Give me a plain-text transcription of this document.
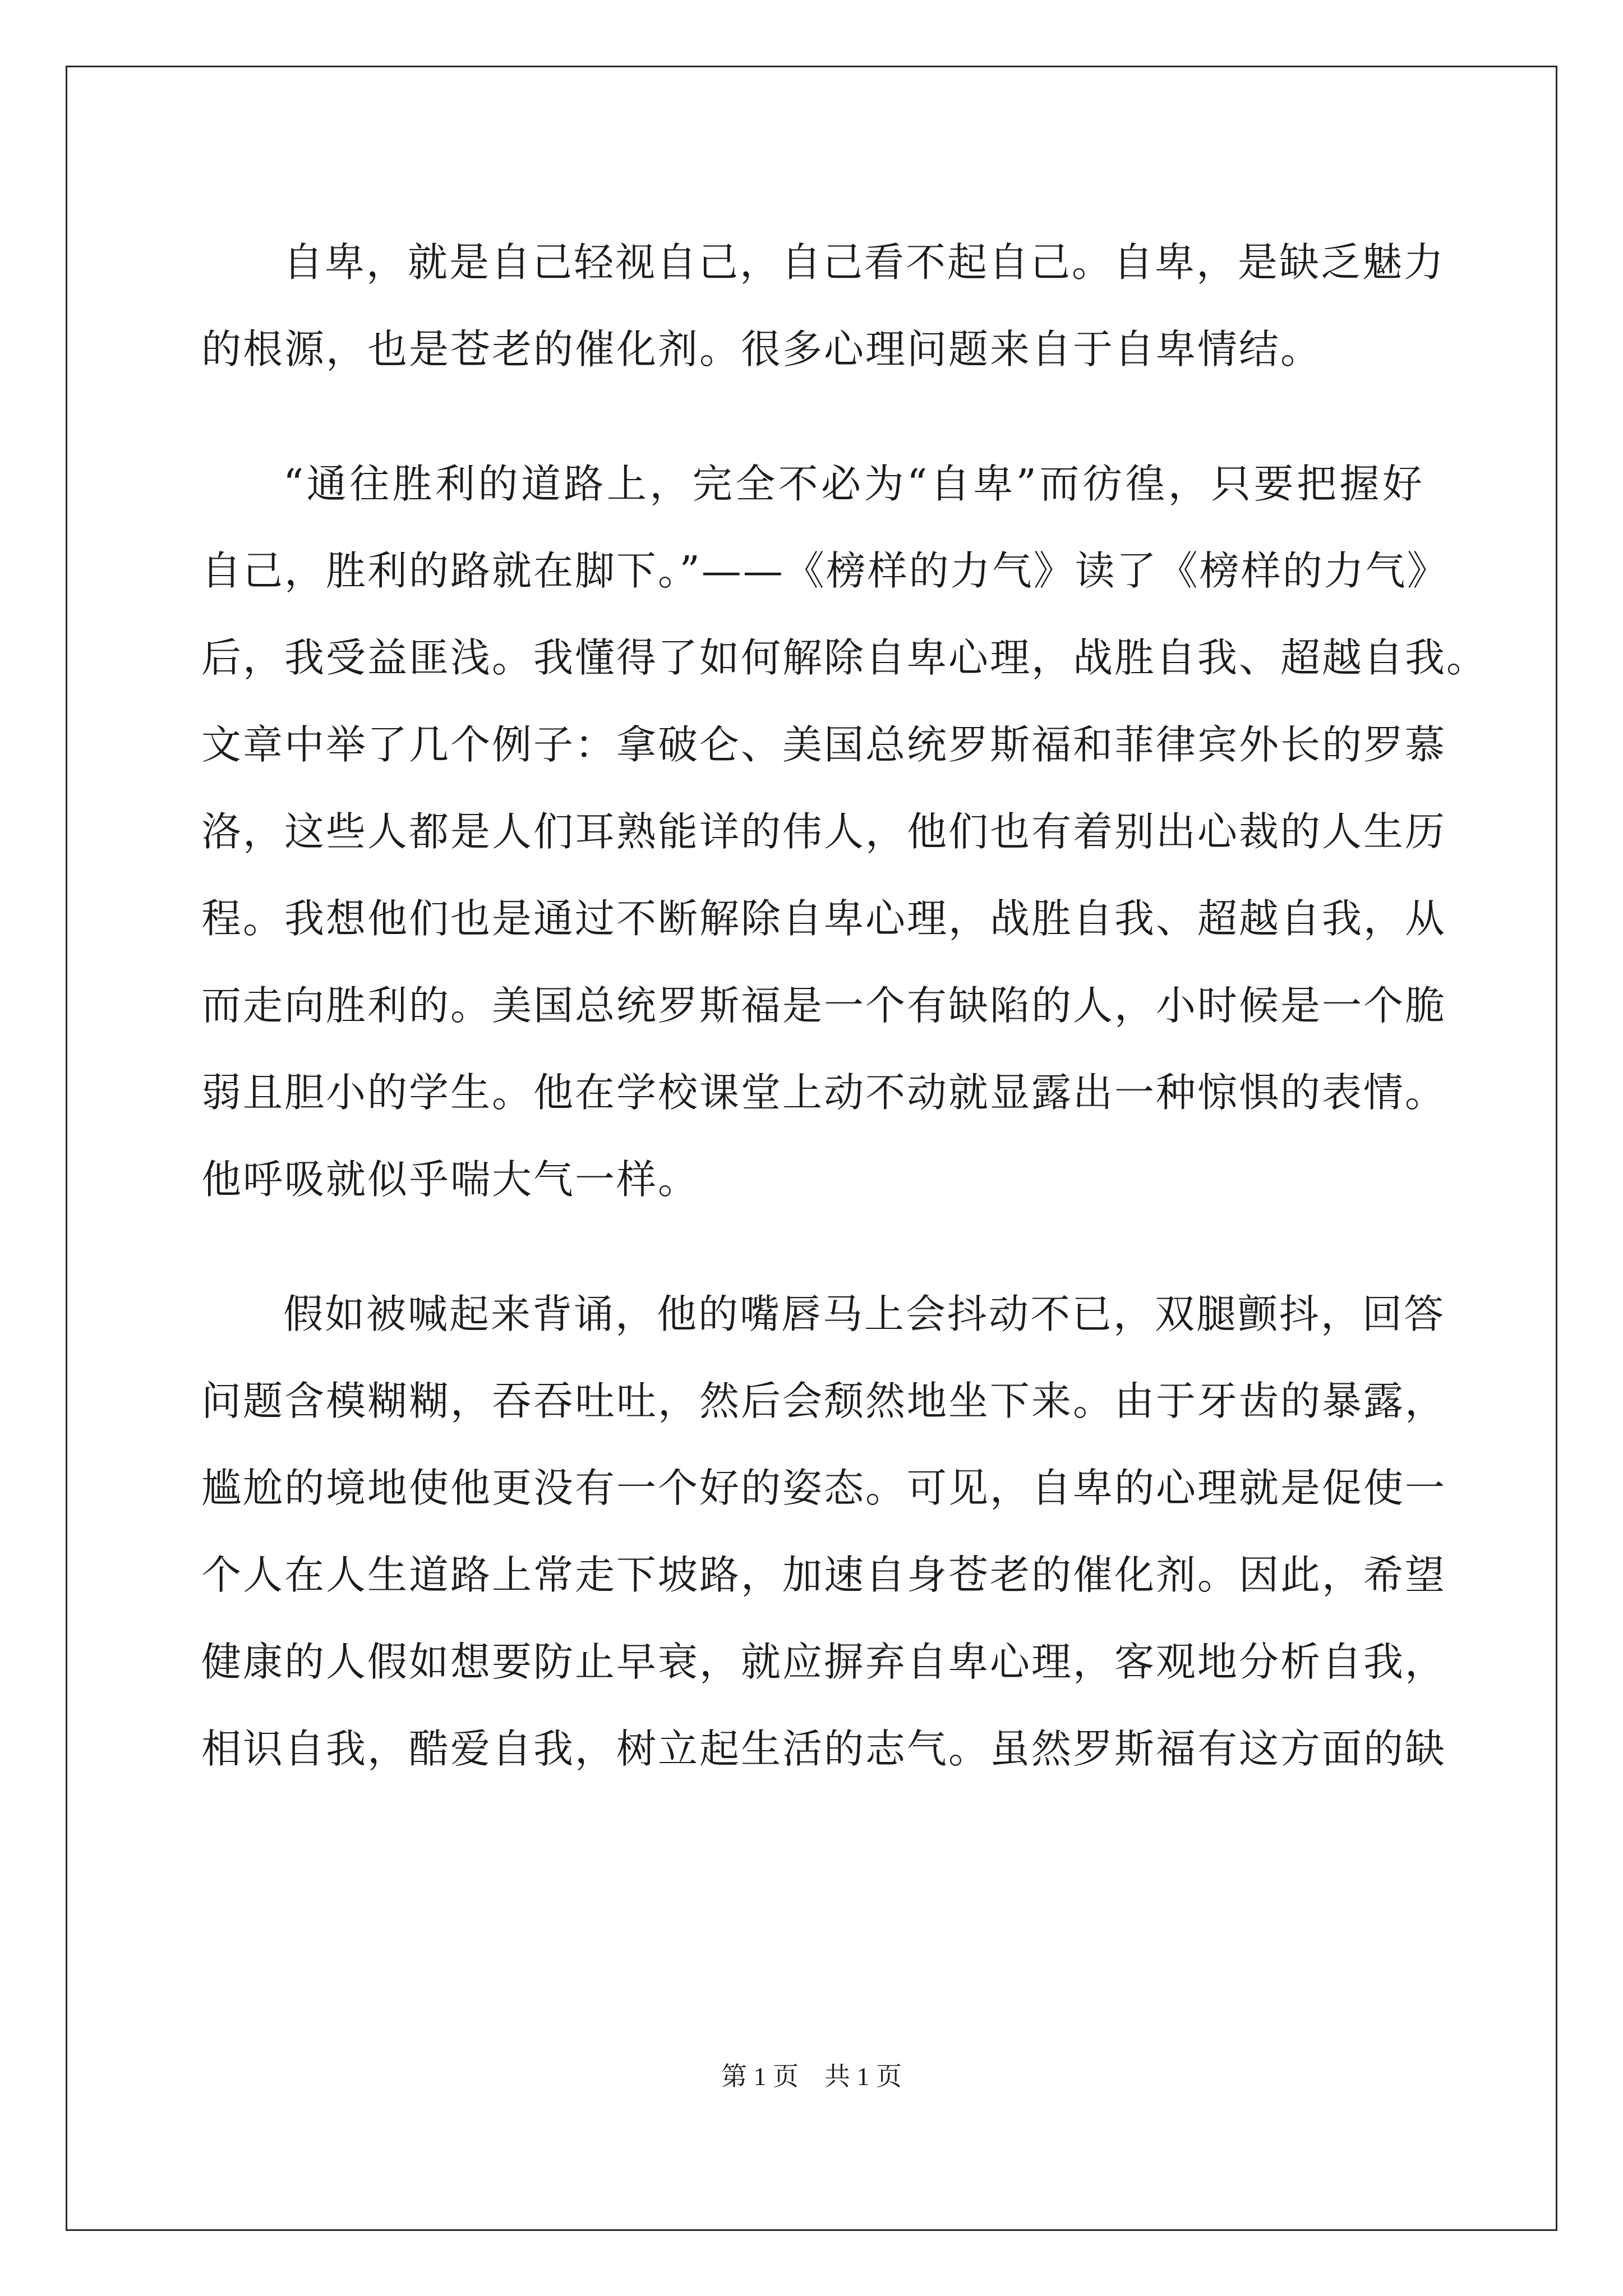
自卑，就是自己轻视自己，自己看不起自己。自卑，是缺乏魅力
的根源，也是苍老的催化剂。很多心理问题来自于自卑情结。
“通往胜利的道路上，完全不必为“自卑”而彷徨，只要把握好
自己，胜利的路就在脚下。”——《榜样的力气》读了《榜样的力气》
后，我受益匪浅。我懂得了如何解除自卑心理，战胜自我、超越自我。
文章中举了几个例子：拿破仑、美国总统罗斯福和菲律宾外长的罗慕
洛，这些人都是人们耳熟能详的伟人，他们也有着别出心裁的人生历
程。我想他们也是通过不断解除自卑心理，战胜自我、超越自我，从
而走向胜利的。美国总统罗斯福是一个有缺陷的人，小时候是一个脆
弱且胆小的学生。他在学校课堂上动不动就显露出一种惊惧的表情。
他呼吸就似乎喘大气一样。
假如被喊起来背诵，他的嘴唇马上会抖动不已，双腿颤抖，回答
问题含模糊糊，吞吞吐吐，然后会颓然地坐下来。由于牙齿的暴露，
尴尬的境地使他更没有一个好的姿态。可见，自卑的心理就是促使一
个人在人生道路上常走下坡路，加速自身苍老的催化剂。因此，希望
健康的人假如想要防止早衰，就应摒弃自卑心理，客观地分析自我，
相识自我，酷爱自我，树立起生活的志气。虽然罗斯福有这方面的缺
第 1 页    共 1 页
